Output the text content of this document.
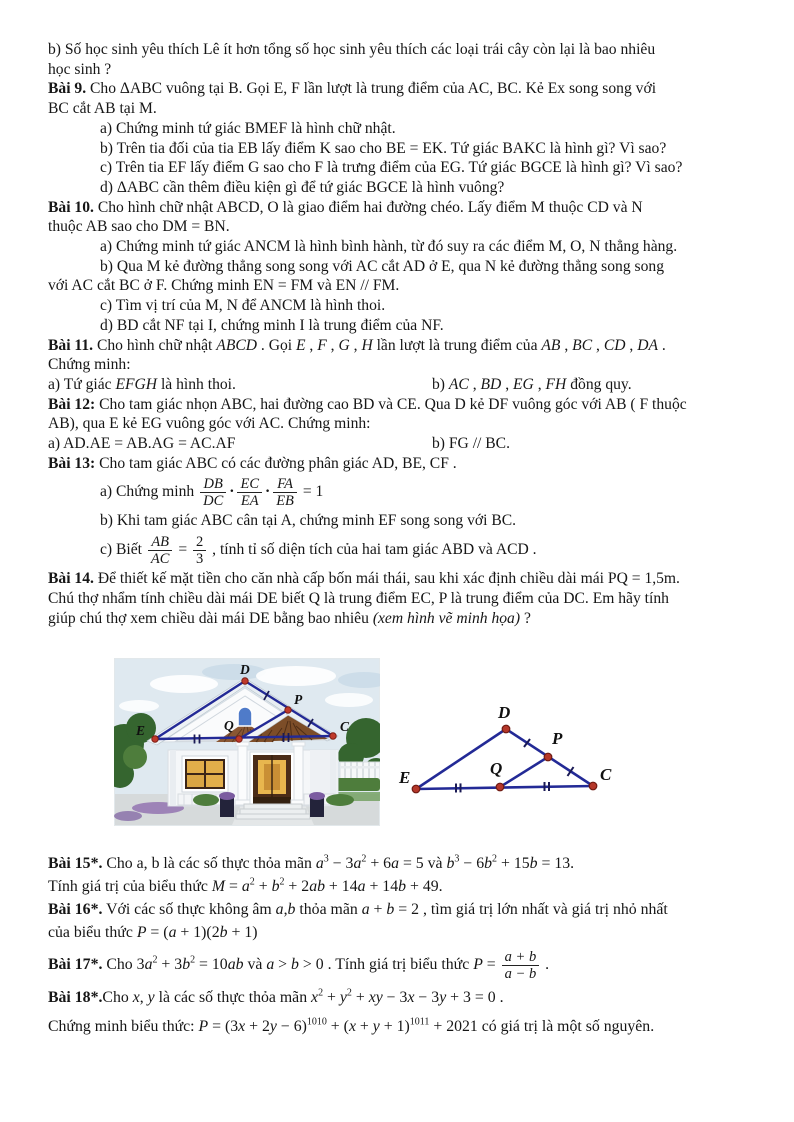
b) Số học sinh yêu thích Lê ít hơn tổng số học sinh yêu thích các loại trái cây còn lại là bao nhiêu

học sinh ?

Bài 9. Cho ΔABC vuông tại B. Gọi E, F lần lượt là trung điểm của AC, BC. Kẻ Ex song song với

BC cắt AB tại M.

a) Chứng minh tứ giác BMEF là hình chữ nhật.

b) Trên tia đối của tia EB lấy điểm K sao cho BE = EK. Tứ giác BAKC là hình gì? Vì sao?

c) Trên tia EF lấy điểm G sao cho F là trưng điểm của EG. Tứ giác BGCE là hình gì? Vì sao?

d) ΔABC cần thêm điều kiện gì để tứ giác BGCE là hình vuông?

Bài 10. Cho hình chữ nhật ABCD, O là giao điểm hai đường chéo. Lấy điểm M thuộc CD và N

thuộc AB sao cho DM = BN.

a) Chứng minh tứ giác ANCM là hình bình hành, từ đó suy ra các điểm M, O, N thẳng hàng.

b) Qua M kẻ đường thẳng song song với AC cắt AD ở E, qua N kẻ đường thẳng song song

với AC cắt BC ở F. Chứng minh EN = FM và EN // FM.

c) Tìm vị trí của M, N để ANCM là hình thoi.

d) BD cắt NF tại I, chứng minh I là trung điểm của NF.

Bài 11. Cho hình chữ nhật ABCD . Gọi E , F , G , H lần lượt là trung điểm của AB , BC , CD , DA .

Chứng minh:

a) Tứ giác EFGH là hình thoi.	b) AC , BD , EG , FH đồng quy.

Bài 12: Cho tam giác nhọn ABC, hai đường cao BD và CE. Qua D kẻ DF vuông góc với AB ( F thuộc

AB), qua E kẻ EG vuông góc với AC. Chứng minh:

a) AD.AE = AB.AG = AC.AF	b) FG // BC.

Bài 13: Cho tam giác ABC có các đường phân giác AD, BE, CF .

a) Chứng minh $\frac{DB}{DC} \cdot \frac{EC}{EA} \cdot \frac{FA}{EB} = 1$

b) Khi tam giác ABC cân tại A, chứng minh EF song song với BC.

c) Biết $\frac{AB}{AC} = \frac{2}{3}$ , tính tỉ số diện tích của hai tam giác ABD và ACD .

Bài 14. Để thiết kế mặt tiền cho căn nhà cấp bốn mái thái, sau khi xác định chiều dài mái PQ = 1,5m.

Chú thợ nhẩm tính chiều dài mái DE biết Q là trung điểm EC, P là trung điểm của DC. Em hãy tính

giúp chú thợ xem chiều dài mái DE bằng bao nhiêu (xem hình vẽ minh họa) ?

Bài 15*. Cho a, b là các số thực thỏa mãn $a^3 - 3a^2 + 6a = 5$ và $b^3 - 6b^2 + 15b = 13$.

Tính giá trị của biểu thức $M = a^2 + b^2 + 2ab + 14a + 14b + 49$.

Bài 16*. Với các số thực không âm a,b thỏa mãn a + b = 2 , tìm giá trị lớn nhất và giá trị nhỏ nhất

của biểu thức P = (a + 1)(2b + 1)

Bài 17*. Cho $3a^2 + 3b^2 = 10ab$ và a > b > 0 . Tính giá trị biểu thức $P = \frac{a + b}{a - b}$ .

Bài 18*.Cho x, y là các số thực thỏa mãn $x^2 + y^2$ + xy − 3x − 3y + 3 = 0 .

Chứng minh biểu thức: $P = (3x + 2y - 6)^{1010} + (x + y + 1)^{1011} + 2021$ có giá trị là một số nguyên.

D
E
P
Q	C
E
D
P
Q	C
